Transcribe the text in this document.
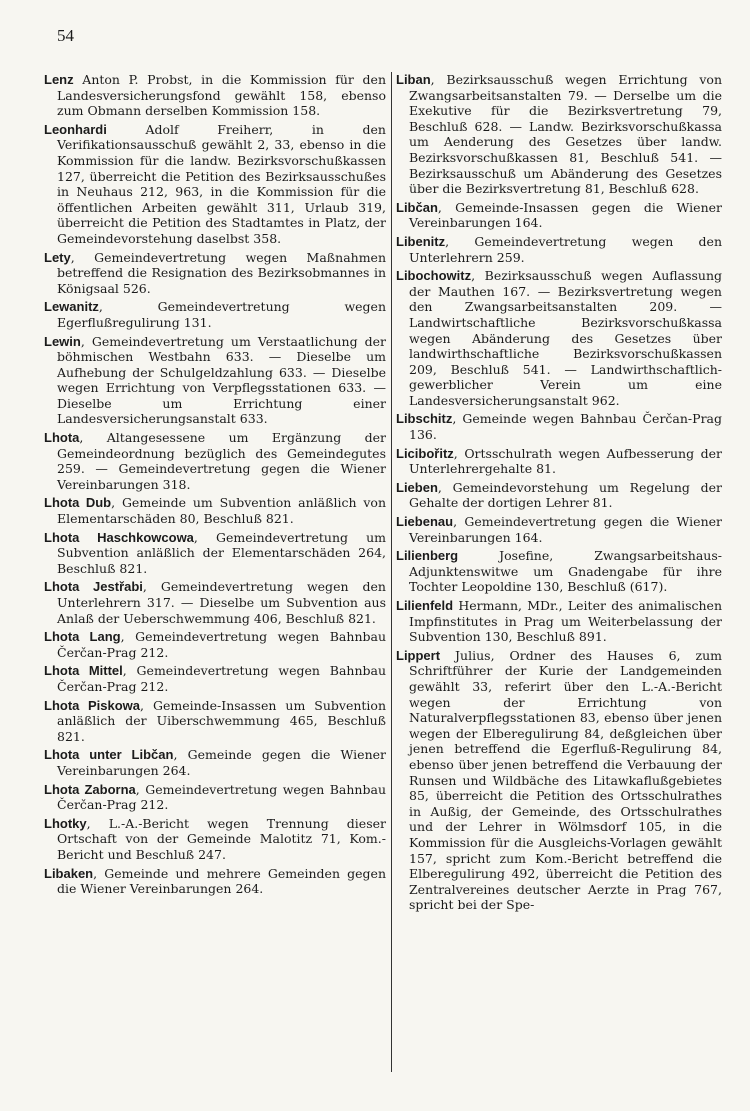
54
Lenz Anton P. Probst, in die Kommission für den Landesversicherungsfond gewählt 158, ebenso zum Obmann derselben Kommission 158.
Leonhardi Adolf Freiherr, in den Verifikationsausschuß gewählt 2, 33, ebenso in die Kommission für die landw. Bezirksvorschußkassen 127, überreicht die Petition des Bezirksausschußes in Neuhaus 212, 963, in die Kommission für die öffentlichen Arbeiten gewählt 311, Urlaub 319, überreicht die Petition des Stadtamtes in Platz, der Gemeindevorstehung daselbst 358.
Lety, Gemeindevertretung wegen Maßnahmen betreffend die Resignation des Bezirksobmannes in Königsaal 526.
Lewanitz, Gemeindevertretung wegen Egerflußregulirung 131.
Lewin, Gemeindevertretung um Verstaatlichung der böhmischen Westbahn 633. — Dieselbe um Aufhebung der Schulgeldzahlung 633. — Dieselbe wegen Errichtung von Verpflegsstationen 633. — Dieselbe um Errichtung einer Landesversicherungsanstalt 633.
Lhota, Altangesessene um Ergänzung der Gemeindeordnung bezüglich des Gemeindegutes 259. — Gemeindevertretung gegen die Wiener Vereinbarungen 318.
Lhota Dub, Gemeinde um Subvention anläßlich von Elementarschäden 80, Beschluß 821.
Lhota Haschkowcowa, Gemeindevertretung um Subvention anläßlich der Elementarschäden 264, Beschluß 821.
Lhota Jestřabi, Gemeindevertretung wegen den Unterlehrern 317. — Dieselbe um Subvention aus Anlaß der Ueberschwemmung 406, Beschluß 821.
Lhota Lang, Gemeindevertretung wegen Bahnbau Čerčan-Prag 212.
Lhota Mittel, Gemeindevertretung wegen Bahnbau Čerčan-Prag 212.
Lhota Piskowa, Gemeinde-Insassen um Subvention anläßlich der Uiberschwemmung 465, Beschluß 821.
Lhota unter Libčan, Gemeinde gegen die Wiener Vereinbarungen 264.
Lhota Zaborna, Gemeindevertretung wegen Bahnbau Čerčan-Prag 212.
Lhotky, L.-A.-Bericht wegen Trennung dieser Ortschaft von der Gemeinde Malotitz 71, Kom.-Bericht und Beschluß 247.
Libaken, Gemeinde und mehrere Gemeinden gegen die Wiener Vereinbarungen 264.
Liban, Bezirksausschuß wegen Errichtung von Zwangsarbeitsanstalten 79. — Derselbe um die Exekutive für die Bezirksvertretung 79, Beschluß 628. — Landw. Bezirksvorschußkassa um Aenderung des Gesetzes über landw. Bezirksvorschußkassen 81, Beschluß 541. — Bezirksausschuß um Abänderung des Gesetzes über die Bezirksvertretung 81, Beschluß 628.
Libčan, Gemeinde-Insassen gegen die Wiener Vereinbarungen 164.
Libenitz, Gemeindevertretung wegen den Unterlehrern 259.
Libochowitz, Bezirksausschuß wegen Auflassung der Mauthen 167. — Bezirksvertretung wegen den Zwangsarbeitsanstalten 209. — Landwirtschaftliche Bezirksvorschußkassa wegen Abänderung des Gesetzes über landwirthschaftliche Bezirksvorschußkassen 209, Beschluß 541. — Landwirthschaftlich-gewerblicher Verein um eine Landesversicherungsanstalt 962.
Libschitz, Gemeinde wegen Bahnbau Čerčan-Prag 136.
Licibořitz, Ortsschulrath wegen Aufbesserung der Unterlehrergehalte 81.
Lieben, Gemeindevorstehung um Regelung der Gehalte der dortigen Lehrer 81.
Liebenau, Gemeindevertretung gegen die Wiener Vereinbarungen 164.
Lilienberg Josefine, Zwangsarbeitshaus-Adjunktenswitwe um Gnadengabe für ihre Tochter Leopoldine 130, Beschluß (617).
Lilienfeld Hermann, MDr., Leiter des animalischen Impfinstitutes in Prag um Weiterbelassung der Subvention 130, Beschluß 891.
Lippert Julius, Ordner des Hauses 6, zum Schriftführer der Kurie der Landgemeinden gewählt 33, referirt über den L.-A.-Bericht wegen der Errichtung von Naturalverpflegsstationen 83, ebenso über jenen wegen der Elberegulirung 84, deßgleichen über jenen betreffend die Egerfluß-Regulirung 84, ebenso über jenen betreffend die Verbauung der Runsen und Wildbäche des Litawkaflußgebietes 85, überreicht die Petition des Ortsschulrathes in Außig, der Gemeinde, des Ortsschulrathes und der Lehrer in Wölmsdorf 105, in die Kommission für die Ausgleichs-Vorlagen gewählt 157, spricht zum Kom.-Bericht betreffend die Elberegulirung 492, überreicht die Petition des Zentralvereines deutscher Aerzte in Prag 767, spricht bei der Spe-
